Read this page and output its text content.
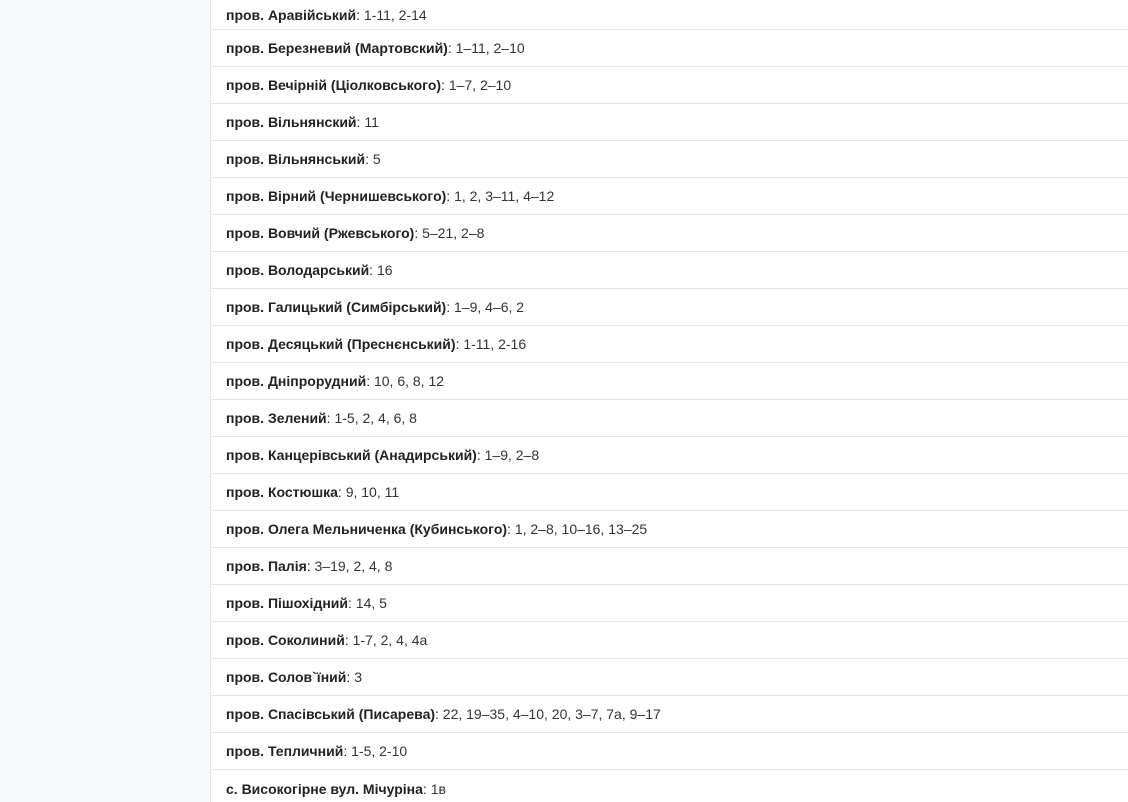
пров. Аравійський : 1-11, 2-14
пров. Березневий (Мартовский) : 1–11, 2–10
пров. Вечірній (Ціолковського) : 1–7, 2–10
пров. Вільнянский : 11
пров. Вільнянський : 5
пров. Вірний (Чернишевського) : 1, 2, 3–11, 4–12
пров. Вовчий (Ржевського) : 5–21, 2–8
пров. Володарський : 16
пров. Галицький (Симбірський) : 1–9, 4–6, 2
пров. Десяцький (Преснєнський) : 1-11, 2-16
пров. Дніпрорудний : 10, 6, 8, 12
пров. Зелений : 1-5, 2, 4, 6, 8
пров. Канцерівський (Анадирський) : 1–9, 2–8
пров. Костюшка : 9, 10, 11
пров. Олега Мельниченка (Кубинського) : 1, 2–8, 10–16, 13–25
пров. Палія : 3–19, 2, 4, 8
пров. Пішохідний : 14, 5
пров. Соколиний : 1-7, 2, 4, 4а
пров. Солов`їний : 3
пров. Спасівський (Писарева) : 22, 19–35, 4–10, 20, 3–7, 7а, 9–17
пров. Тепличний : 1-5, 2-10
с. Високогірне вул. Мічуріна : 1в
